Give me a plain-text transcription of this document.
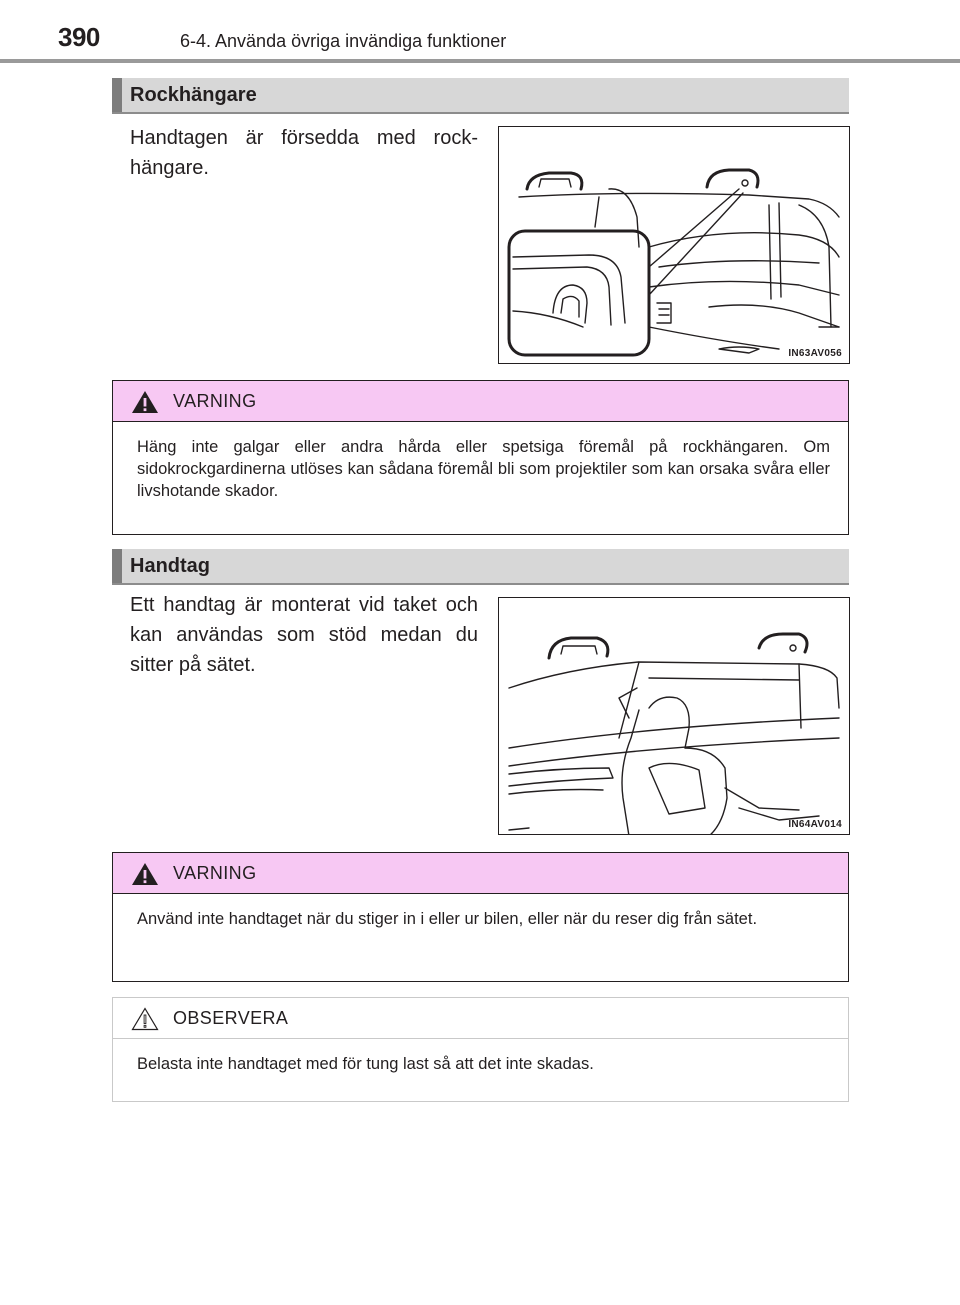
390	6-4. Använda övriga invändiga funktioner
Rockhängare
Handtagen är försedda med rockhängare.
IN63AV056
VARNING
Häng inte galgar eller andra hårda eller spetsiga föremål på rockhängaren. Om sidokrockgardinerna utlöses kan sådana föremål bli som projektiler som kan orsaka svåra eller livshotande skador.
Handtag
Ett handtag är monterat vid taket och kan användas som stöd medan du sitter på sätet.
IN64AV014
VARNING
Använd inte handtaget när du stiger in i eller ur bilen, eller när du reser dig från sätet.
OBSERVERA
Belasta inte handtaget med för tung last så att det inte skadas.
